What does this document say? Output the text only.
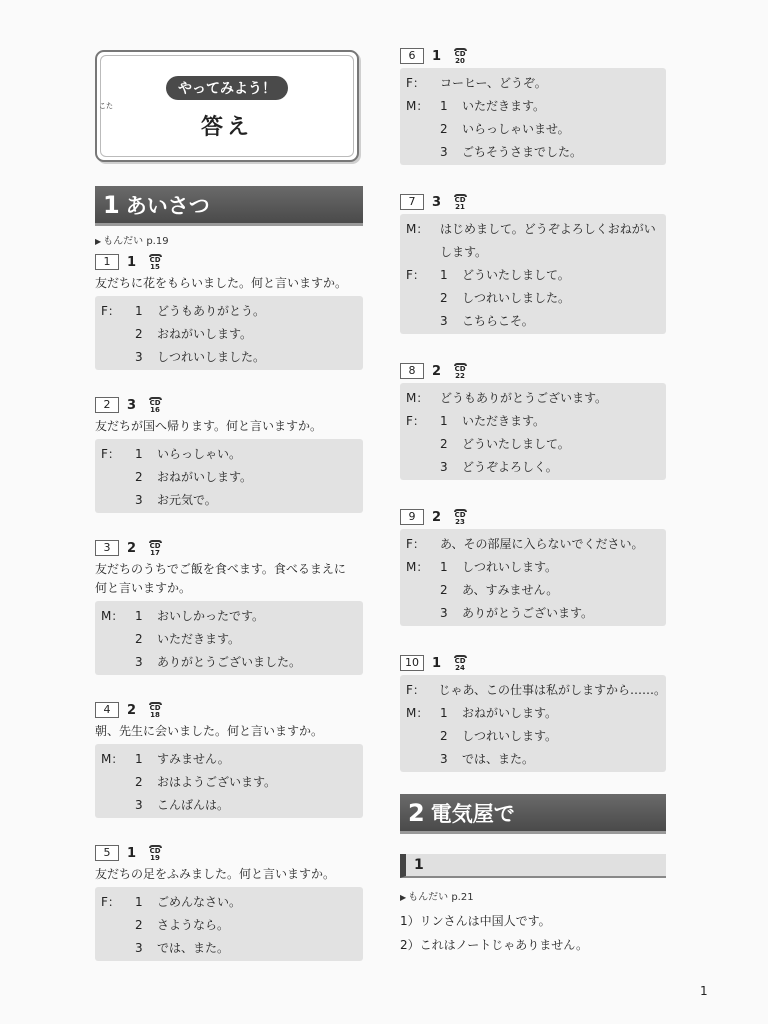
やってみよう！
こた
答え
1 あいさつ
▶ もんだい p.19
1	1 CD
15
友だちに花をもらいました。何と言いますか。
F：	1	どうもありがとう。
2	おねがいします。
3	しつれいしました。
2	3 CD
16
友だちが国へ帰ります。何と言いますか。
F：	1	いらっしゃい。
2	おねがいします。
3	お元気で。
3	2 CD
17
友だちのうちでご飯を食べます。食べるまえに
何と言いますか。
M： 1	おいしかったです。
2	いただきます。
3	ありがとうございました。
4	2 CD
18
朝、先生に会いました。何と言いますか。
M： 1	すみません。
2	おはようございます。
3	こんばんは。
5	1 CD
19
友だちの足をふみました。何と言いますか。
F：	1	ごめんなさい。
2	さようなら。
3	では、また。
6	1 CD
20
F：	コーヒー、どうぞ。
M： 1	いただきます。
2	いらっしゃいませ。
3	ごちそうさまでした。
7	3 CD
21
M： はじめまして。どうぞよろしくおねがい
します。
F：	1	どういたしまして。
2	しつれいしました。
3	こちらこそ。
8	2 CD
22
M： どうもありがとうございます。
F：	1	いただきます。
2	どういたしまして。
3	どうぞよろしく。
9	2 CD
23
F：	あ、その部屋に入らないでください。
M： 1	しつれいします。
2	あ、すみません。
3	ありがとうございます。
10	1 CD
24
F：	じゃあ、この仕事は私がしますから……。
M： 1	おねがいします。
2	しつれいします。
3	では、また。
2 電気屋で
1
▶ もんだい p.21
1）リンさんは中国人です。
2）これはノートじゃありません。
1
